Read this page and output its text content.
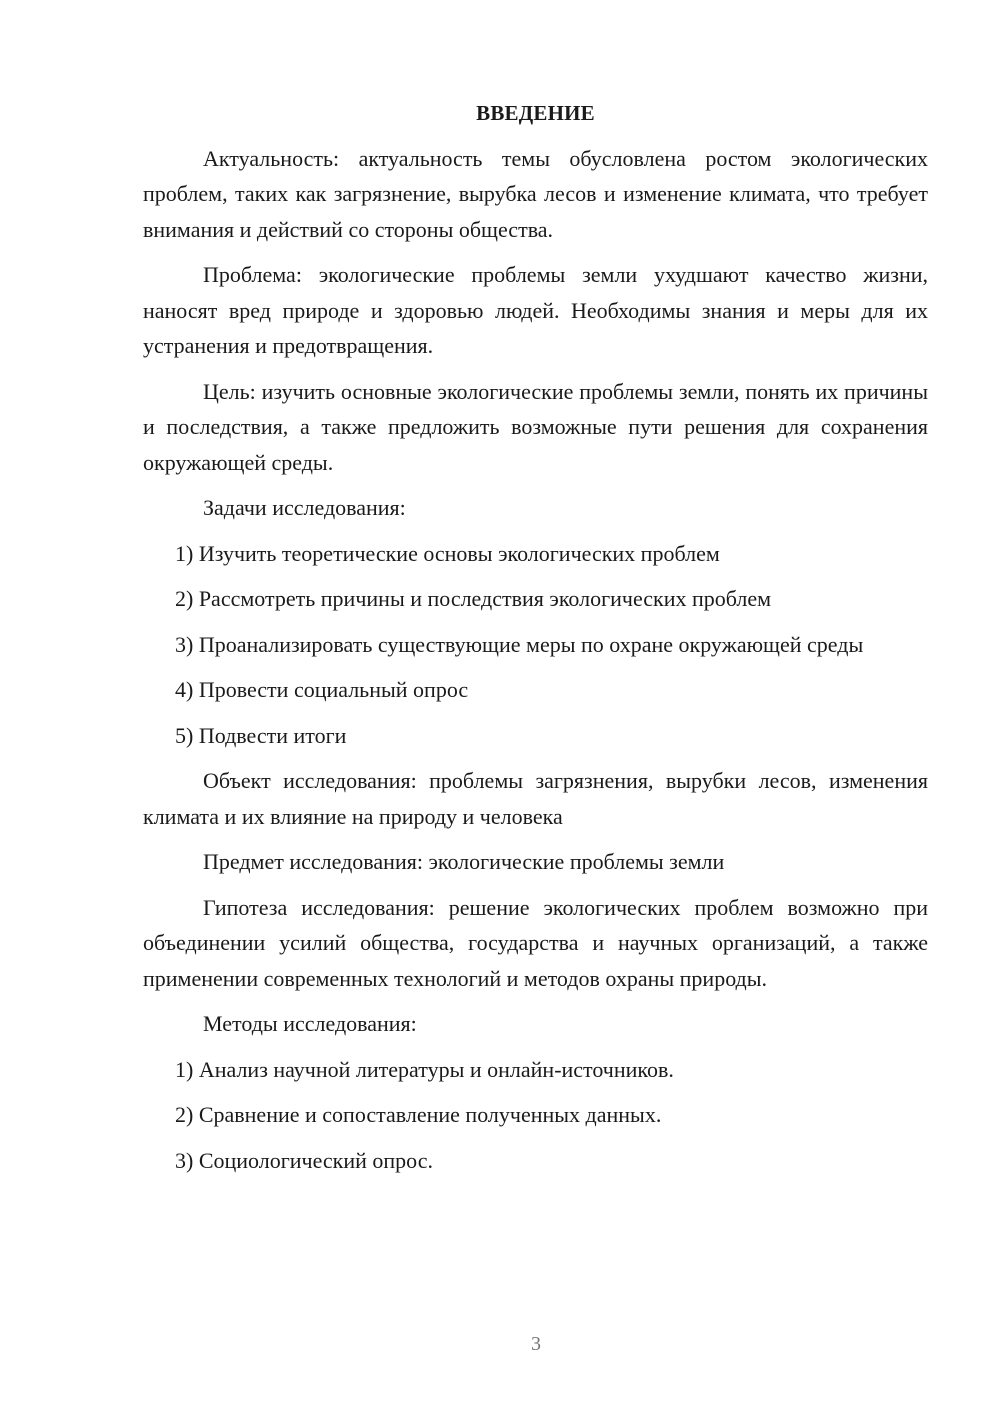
ВВЕДЕНИЕ

Актуальность: актуальность темы обусловлена ростом экологических проблем, таких как загрязнение, вырубка лесов и изменение климата, что требует внимания и действий со стороны общества.

Проблема: экологические проблемы земли ухудшают качество жизни, наносят вред природе и здоровью людей. Необходимы знания и меры для их устранения и предотвращения.

Цель: изучить основные экологические проблемы земли, понять их причины и последствия, а также предложить возможные пути решения для сохранения окружающей среды.

Задачи исследования:

1) Изучить теоретические основы экологических проблем

2) Рассмотреть причины и последствия экологических проблем

3) Проанализировать существующие меры по охране окружающей среды

4) Провести социальный опрос

5) Подвести итоги

Объект исследования: проблемы загрязнения, вырубки лесов, изменения климата и их влияние на природу и человека

Предмет исследования: экологические проблемы земли

Гипотеза исследования: решение экологических проблем возможно при объединении усилий общества, государства и научных организаций, а также применении современных технологий и методов охраны природы.

Методы исследования:

1) Анализ научной литературы и онлайн-источников.

2) Сравнение и сопоставление полученных данных.

3) Социологический опрос.

3
